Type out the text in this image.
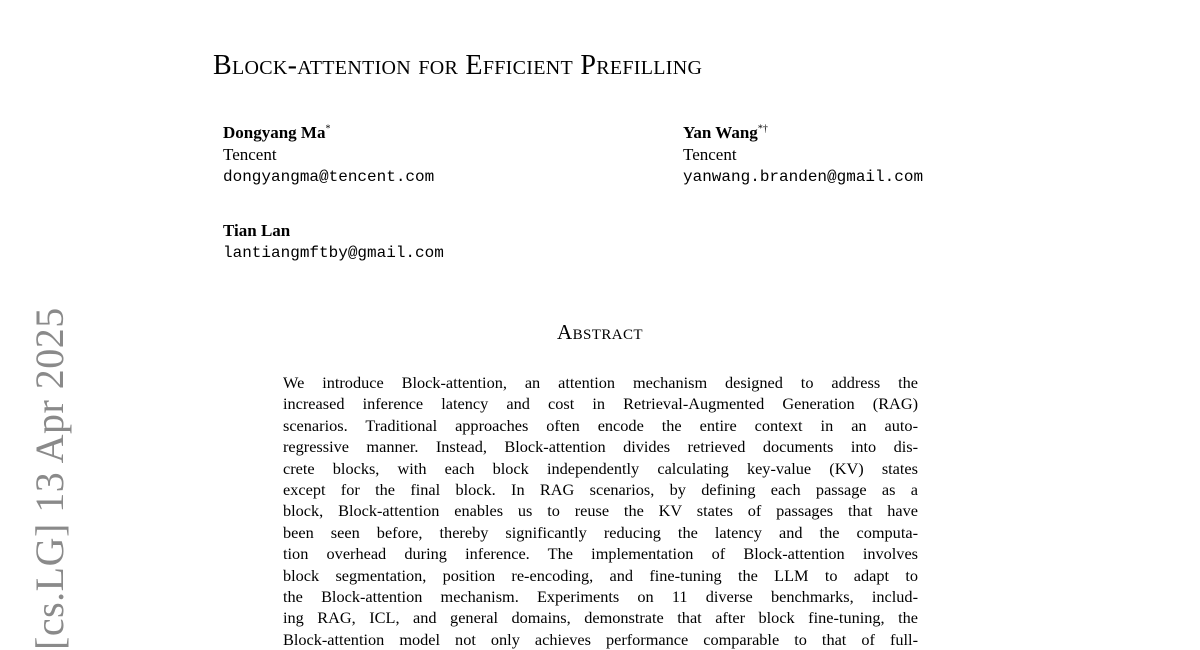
[cs.LG] 13 Apr 2025
Block-attention for Efficient Prefilling
Dongyang Ma*
Tencent
dongyangma@tencent.com
Yan Wang*†
Tencent
yanwang.branden@gmail.com
Tian Lan
lantiangmftby@gmail.com
Abstract
We introduce Block-attention, an attention mechanism designed to address the
increased inference latency and cost in Retrieval-Augmented Generation (RAG)
scenarios. Traditional approaches often encode the entire context in an auto-
regressive manner. Instead, Block-attention divides retrieved documents into dis-
crete blocks, with each block independently calculating key-value (KV) states
except for the final block. In RAG scenarios, by defining each passage as a
block, Block-attention enables us to reuse the KV states of passages that have
been seen before, thereby significantly reducing the latency and the computa-
tion overhead during inference. The implementation of Block-attention involves
block segmentation, position re-encoding, and fine-tuning the LLM to adapt to
the Block-attention mechanism. Experiments on 11 diverse benchmarks, includ-
ing RAG, ICL, and general domains, demonstrate that after block fine-tuning, the
Block-attention model not only achieves performance comparable to that of full-
